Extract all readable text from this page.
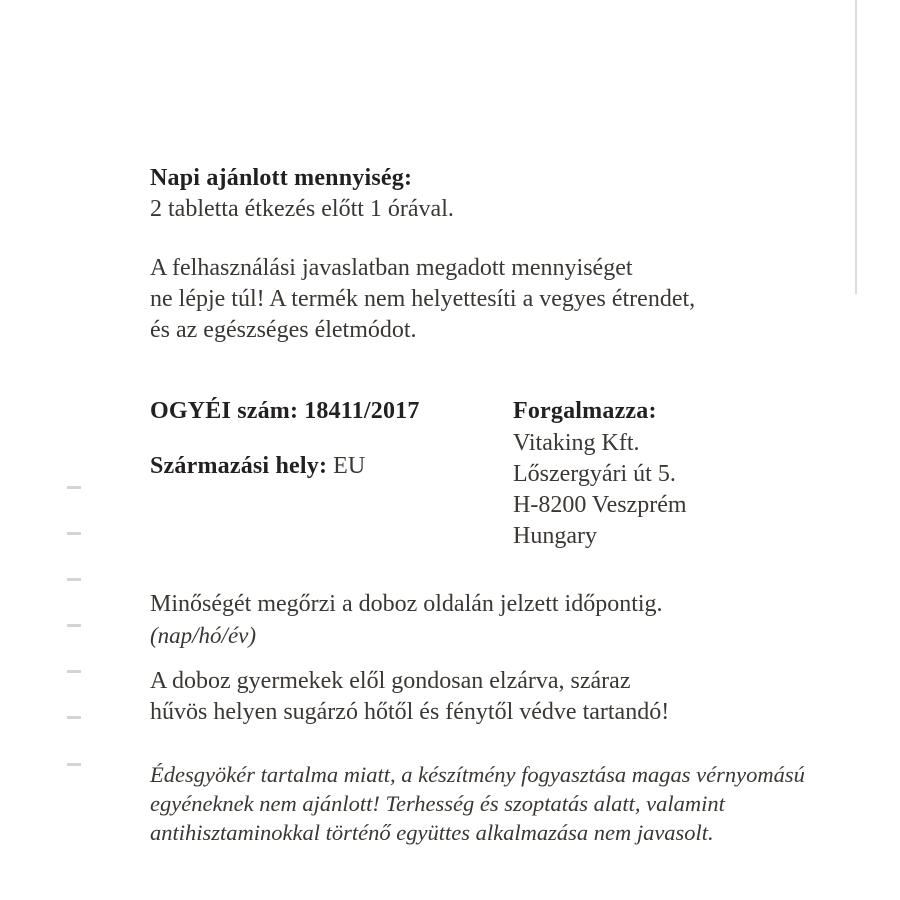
Napi ajánlott mennyiség:
2 tabletta étkezés előtt 1 órával.
A felhasználási javaslatban megadott mennyiséget
ne lépje túl! A termék nem helyettesíti a vegyes étrendet,
és az egészséges életmódot.
OGYÉI szám: 18411/2017
Származási hely: EU
Forgalmazza:
Vitaking Kft.
Lőszergyári út 5.
H-8200 Veszprém
Hungary
Minőségét megőrzi a doboz oldalán jelzett időpontig.
(nap/hó/év)
A doboz gyermekek elől gondosan elzárva, száraz
hűvös helyen sugárzó hőtől és fénytől védve tartandó!
Édesgyökér tartalma miatt, a készítmény fogyasztása magas vérnyomású
egyéneknek nem ajánlott! Terhesség és szoptatás alatt, valamint
antihisztaminokkal történő együttes alkalmazása nem javasolt.
